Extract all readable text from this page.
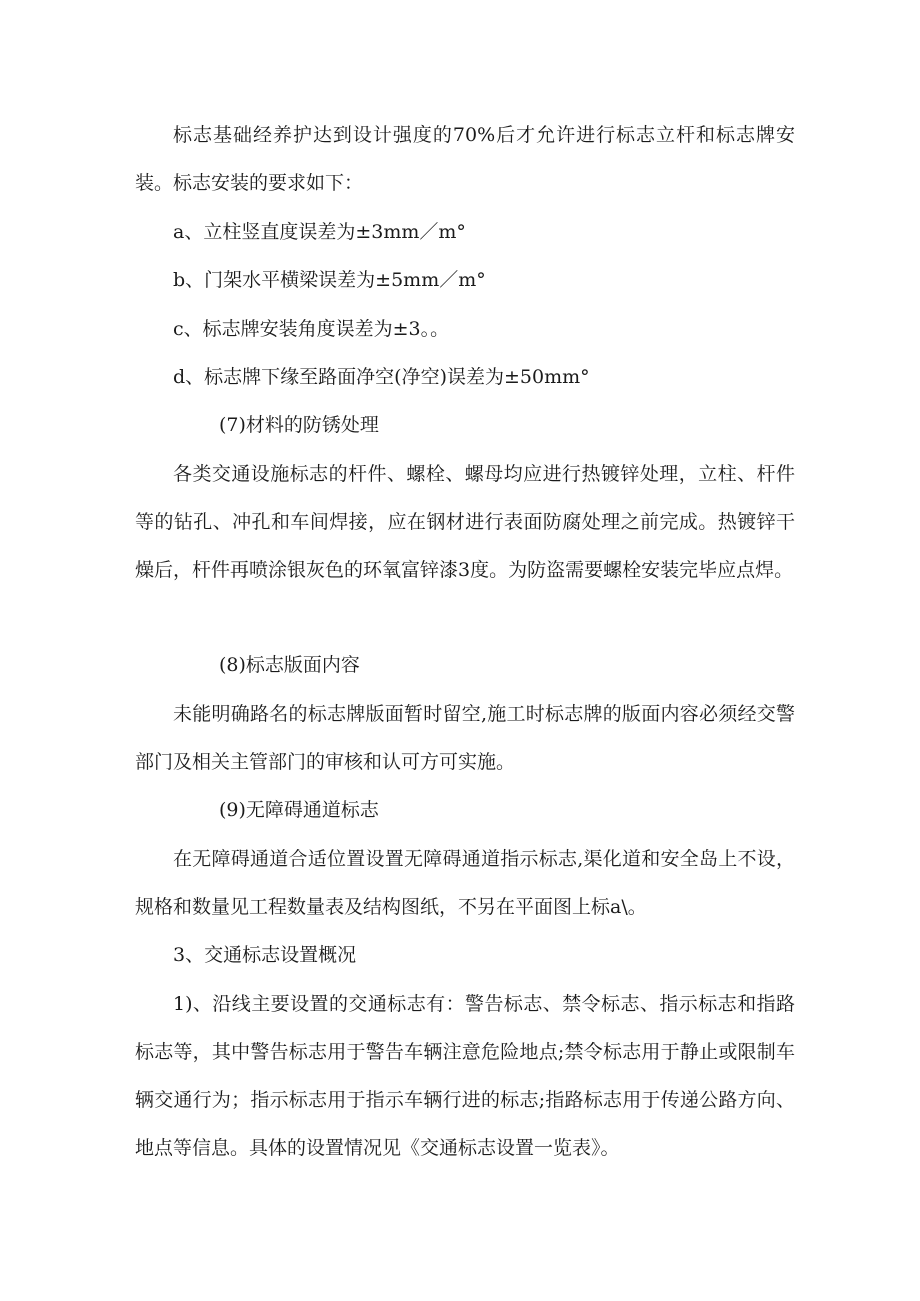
标志基础经养护达到设计强度的70%后才允许进行标志立杆和标志牌安装。标志安装的要求如下：

a、立柱竖直度误差为±3mm／m°

b、门架水平横梁误差为±5mm／m°

c、标志牌安装角度误差为±3。。

d、标志牌下缘至路面净空(净空)误差为±50mm°

(7)材料的防锈处理

各类交通设施标志的杆件、螺栓、螺母均应进行热镀锌处理，立柱、杆件等的钻孔、冲孔和车间焊接，应在钢材进行表面防腐处理之前完成。热镀锌干燥后，杆件再喷涂银灰色的环氧富锌漆3度。为防盗需要螺栓安装完毕应点焊。

(8)标志版面内容

未能明确路名的标志牌版面暂时留空,施工时标志牌的版面内容必须经交警部门及相关主管部门的审核和认可方可实施。

(9)无障碍通道标志

在无障碍通道合适位置设置无障碍通道指示标志,渠化道和安全岛上不设，规格和数量见工程数量表及结构图纸，不另在平面图上标а\。

3、交通标志设置概况

1)、沿线主要设置的交通标志有：警告标志、禁令标志、指示标志和指路标志等，其中警告标志用于警告车辆注意危险地点;禁令标志用于静止或限制车辆交通行为；指示标志用于指示车辆行进的标志;指路标志用于传递公路方向、地点等信息。具体的设置情况见《交通标志设置一览表》。
